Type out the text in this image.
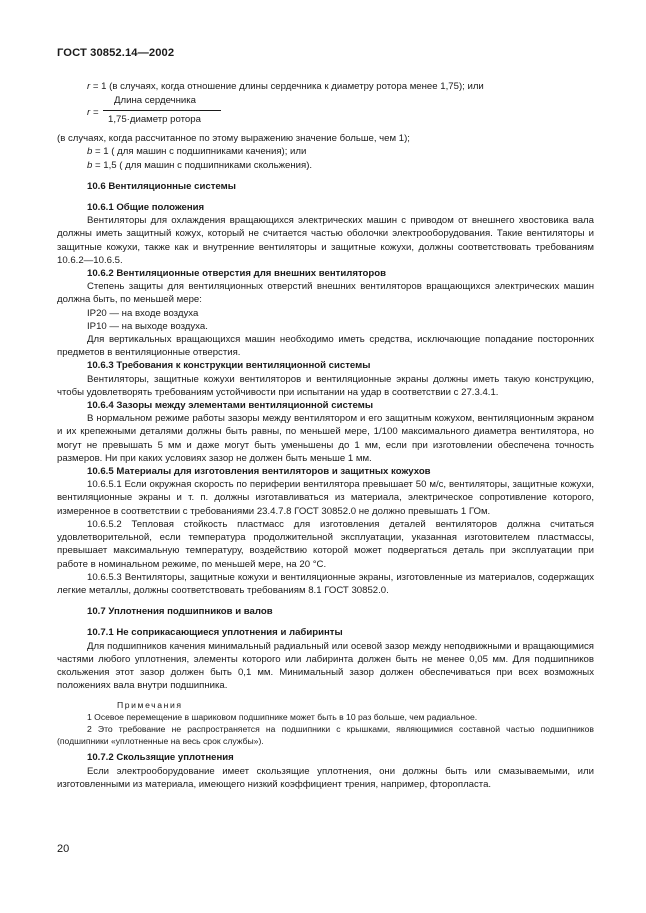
ГОСТ 30852.14—2002

r = 1 (в случаях, когда отношение длины сердечника к диаметру ротора менее 1,75); или

r =
Длина сердечника
1,75·диаметр ротора

(в случаях, когда рассчитанное по этому выражению значение больше, чем 1);

b = 1 ( для машин с подшипниками качения); или

b = 1,5 ( для машин с подшипниками скольжения).

10.6 Вентиляционные системы

10.6.1 Общие положения

Вентиляторы для охлаждения вращающихся электрических машин с приводом от внешнего хвостовика вала должны иметь защитный кожух, который не считается частью оболочки электрооборудования. Такие вентиляторы и защитные кожухи, также как и внутренние вентиляторы и защитные кожухи, должны соответствовать требованиям 10.6.2—10.6.5.

10.6.2 Вентиляционные отверстия для внешних вентиляторов

Степень защиты для вентиляционных отверстий внешних вентиляторов вращающихся электрических машин должна быть, по меньшей мере:

IP20 — на входе воздуха

IP10 — на выходе воздуха.

Для вертикальных вращающихся машин необходимо иметь средства, исключающие попадание посторонних предметов в вентиляционные отверстия.

10.6.3 Требования к конструкции вентиляционной системы

Вентиляторы, защитные кожухи вентиляторов и вентиляционные экраны должны иметь такую конструкцию, чтобы удовлетворять требованиям устойчивости при испытании на удар в соответствии с 27.3.4.1.

10.6.4 Зазоры между элементами вентиляционной системы

В нормальном режиме работы зазоры между вентилятором и его защитным кожухом, вентиляционным экраном и их крепежными деталями должны быть равны, по меньшей мере, 1/100 максимального диаметра вентилятора, но могут не превышать 5 мм и даже могут быть уменьшены до 1 мм, если при изготовлении обеспечена точность размеров. Ни при каких условиях зазор не должен быть меньше 1 мм.

10.6.5 Материалы для изготовления вентиляторов и защитных кожухов

10.6.5.1 Если окружная скорость по периферии вентилятора превышает 50 м/с, вентиляторы, защитные кожухи, вентиляционные экраны и т. п. должны изготавливаться из материала, электрическое сопротивление которого, измеренное в соответствии с требованиями 23.4.7.8 ГОСТ 30852.0 не должно превышать 1 ГОм.

10.6.5.2 Тепловая стойкость пластмасс для изготовления деталей вентиляторов должна считаться удовлетворительной, если температура продолжительной эксплуатации, указанная изготовителем пластмассы, превышает максимальную температуру, воздействию которой может подвергаться деталь при эксплуатации при работе в номинальном режиме, по меньшей мере, на 20 °С.

10.6.5.3 Вентиляторы, защитные кожухи и вентиляционные экраны, изготовленные из материалов, содержащих легкие металлы, должны соответствовать требованиям 8.1 ГОСТ 30852.0.

10.7 Уплотнения подшипников и валов

10.7.1 Не соприкасающиеся уплотнения и лабиринты

Для подшипников качения минимальный радиальный или осевой зазор между неподвижными и вращающимися частями любого уплотнения, элементы которого или лабиринта должен быть не менее 0,05 мм. Для подшипников скольжения этот зазор должен быть 0,1 мм. Минимальный зазор должен обеспечиваться при всех возможных положениях вала внутри подшипника.

Примечания

1 Осевое перемещение в шариковом подшипнике может быть в 10 раз больше, чем радиальное.

2 Это требование не распространяется на подшипники с крышками, являющимися составной частью подшипников (подшипники «уплотненные на весь срок службы»).

10.7.2 Скользящие уплотнения

Если электрооборудование имеет скользящие уплотнения, они должны быть или смазываемыми, или изготовленными из материала, имеющего низкий коэффициент трения, например, фторопласта.

20
